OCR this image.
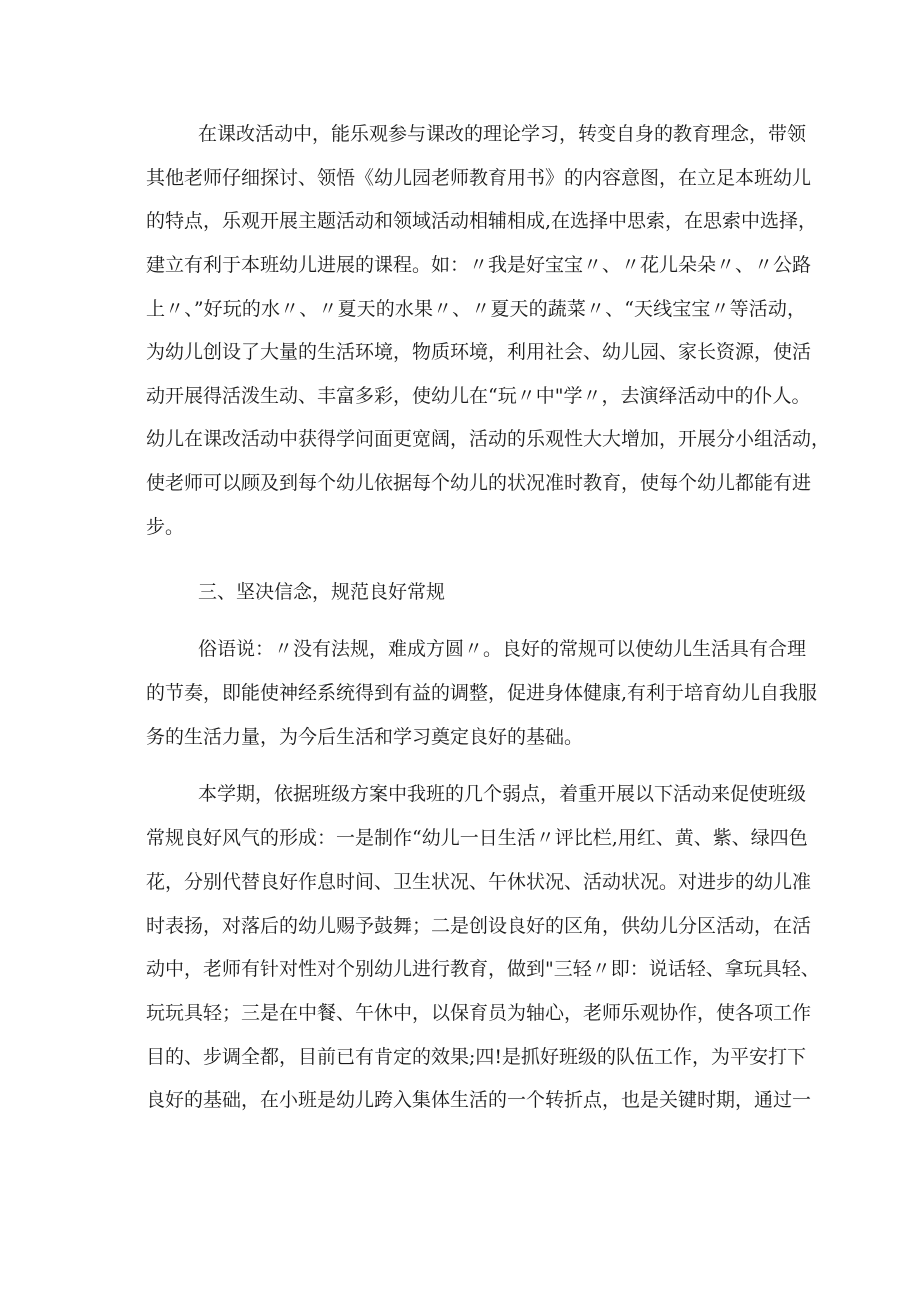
在课改活动中，能乐观参与课改的理论学习，转变自身的教育理念，带领
其他老师仔细探讨、领悟《幼儿园老师教育用书》的内容意图，在立足本班幼儿
的特点，乐观开展主题活动和领域活动相辅相成,在选择中思索，在思索中选择，
建立有利于本班幼儿进展的课程。如：〃我是好宝宝〃、〃花儿朵朵〃、〃公路
上〃、”好玩的水〃、〃夏天的水果〃、〃夏天的蔬菜〃、“天线宝宝〃等活动，
为幼儿创设了大量的生活环境，物质环境，利用社会、幼儿园、家长资源，使活
动开展得活泼生动、丰富多彩，使幼儿在“玩〃中"学〃，去演绎活动中的仆人。
幼儿在课改活动中获得学问面更宽阔，活动的乐观性大大增加，开展分小组活动，
使老师可以顾及到每个幼儿依据每个幼儿的状况准时教育，使每个幼儿都能有进
步。
三、坚决信念，规范良好常规
俗语说：〃没有法规，难成方圆〃。良好的常规可以使幼儿生活具有合理
的节奏，即能使神经系统得到有益的调整，促进身体健康,有利于培育幼儿自我服
务的生活力量，为今后生活和学习奠定良好的基础。
本学期，依据班级方案中我班的几个弱点，着重开展以下活动来促使班级
常规良好风气的形成：一是制作“幼儿一日生活〃评比栏,用红、黄、紫、绿四色
花，分别代替良好作息时间、卫生状况、午休状况、活动状况。对进步的幼儿准
时表扬，对落后的幼儿赐予鼓舞；二是创设良好的区角，供幼儿分区活动，在活
动中，老师有针对性对个别幼儿进行教育，做到"三轻〃即：说话轻、拿玩具轻、
玩玩具轻；三是在中餐、午休中，以保育员为轴心，老师乐观协作，使各项工作
目的、步调全都，目前已有肯定的效果;四!是抓好班级的队伍工作，为平安打下
良好的基础，在小班是幼儿跨入集体生活的一个转折点，也是关键时期，通过一
